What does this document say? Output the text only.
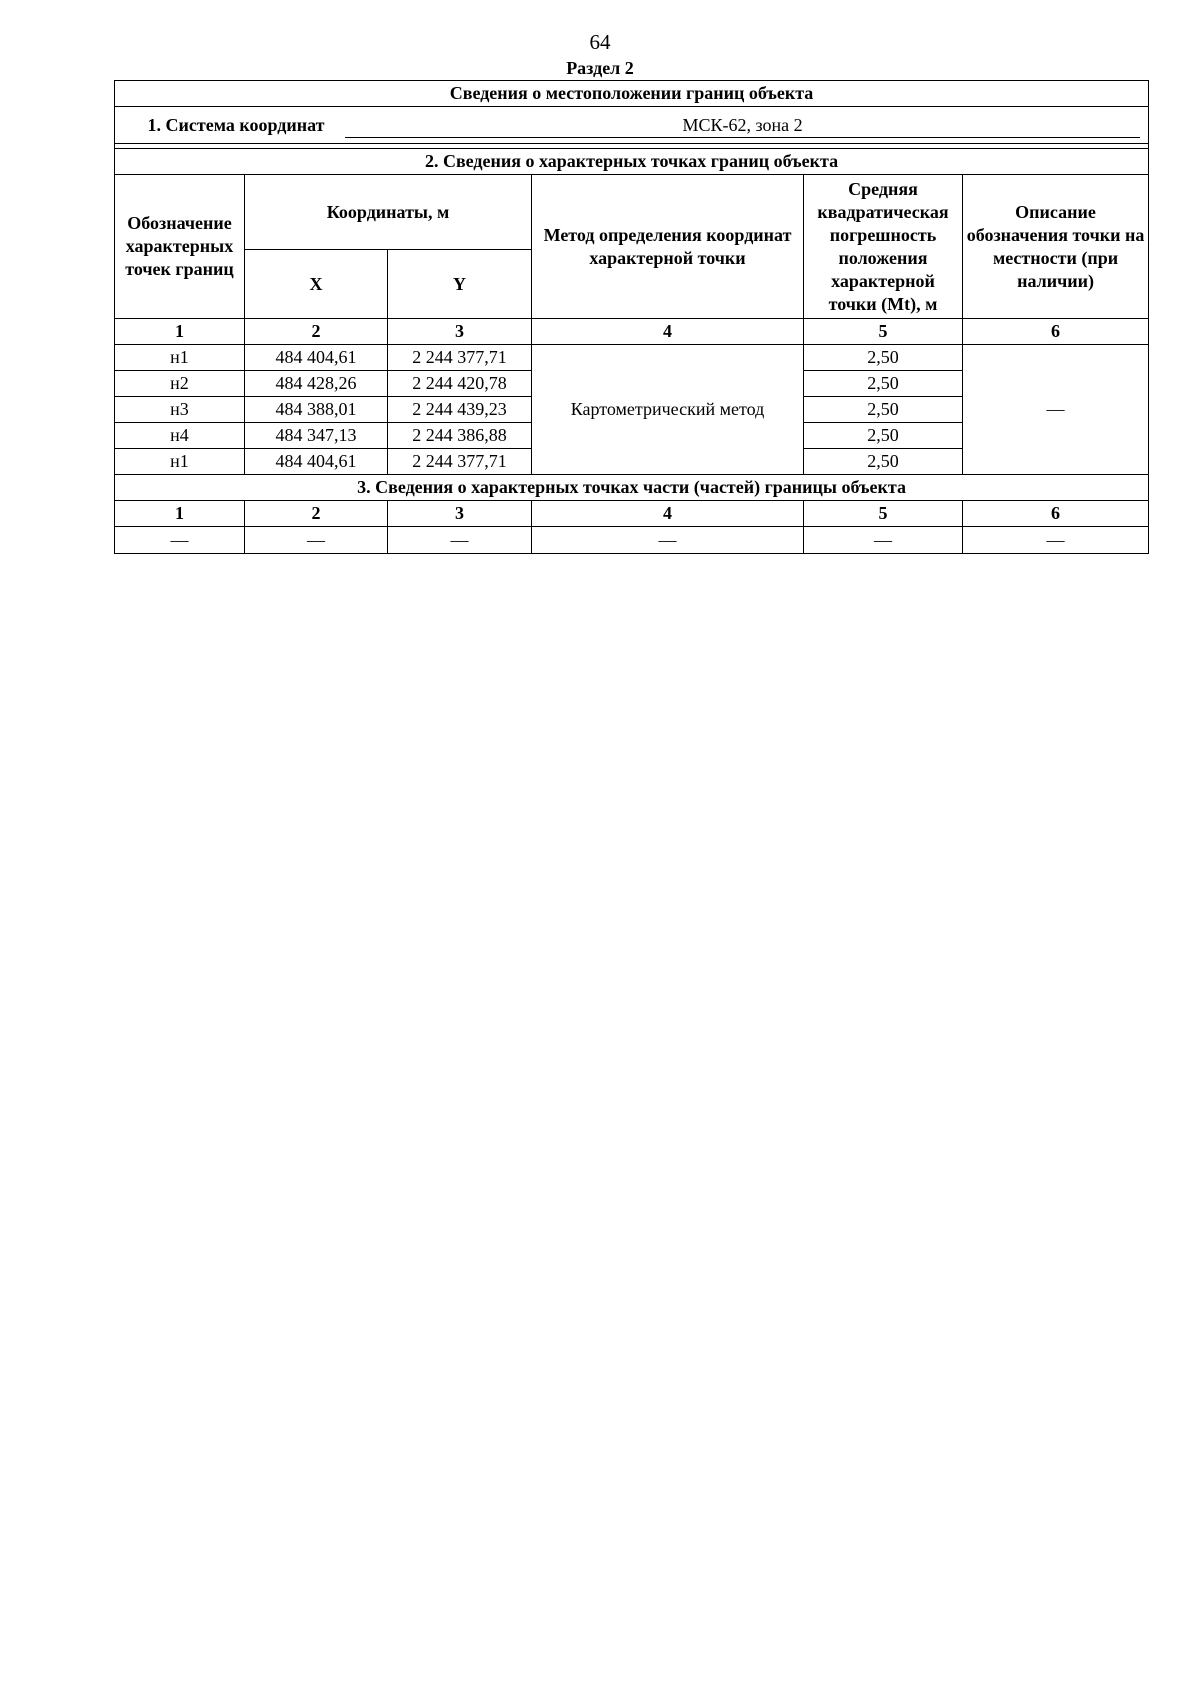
64
Раздел 2
Сведения о местоположении границ объекта					
1. Система координат МСК-62, зона 2					

2. Сведения о характерных точках границ объекта					
Обозначение характерных точек границ	Координаты, м		Метод определения координат характерной точки	Средняя квадратическая погрешность положения характерной точки (Mt), м	Описание обозначения точки на местности (при наличии)
	X	Y			
1	2	3	4	5	6
н1	484 404,61	2 244 377,71	Картометрический метод	2,50	—
н2	484 428,26	2 244 420,78		2,50	
н3	484 388,01	2 244 439,23		2,50	
н4	484 347,13	2 244 386,88		2,50	
н1	484 404,61	2 244 377,71		2,50	
3. Сведения о характерных точках части (частей) границы объекта					
1	2	3	4	5	6
—	—	—	—	—	—
